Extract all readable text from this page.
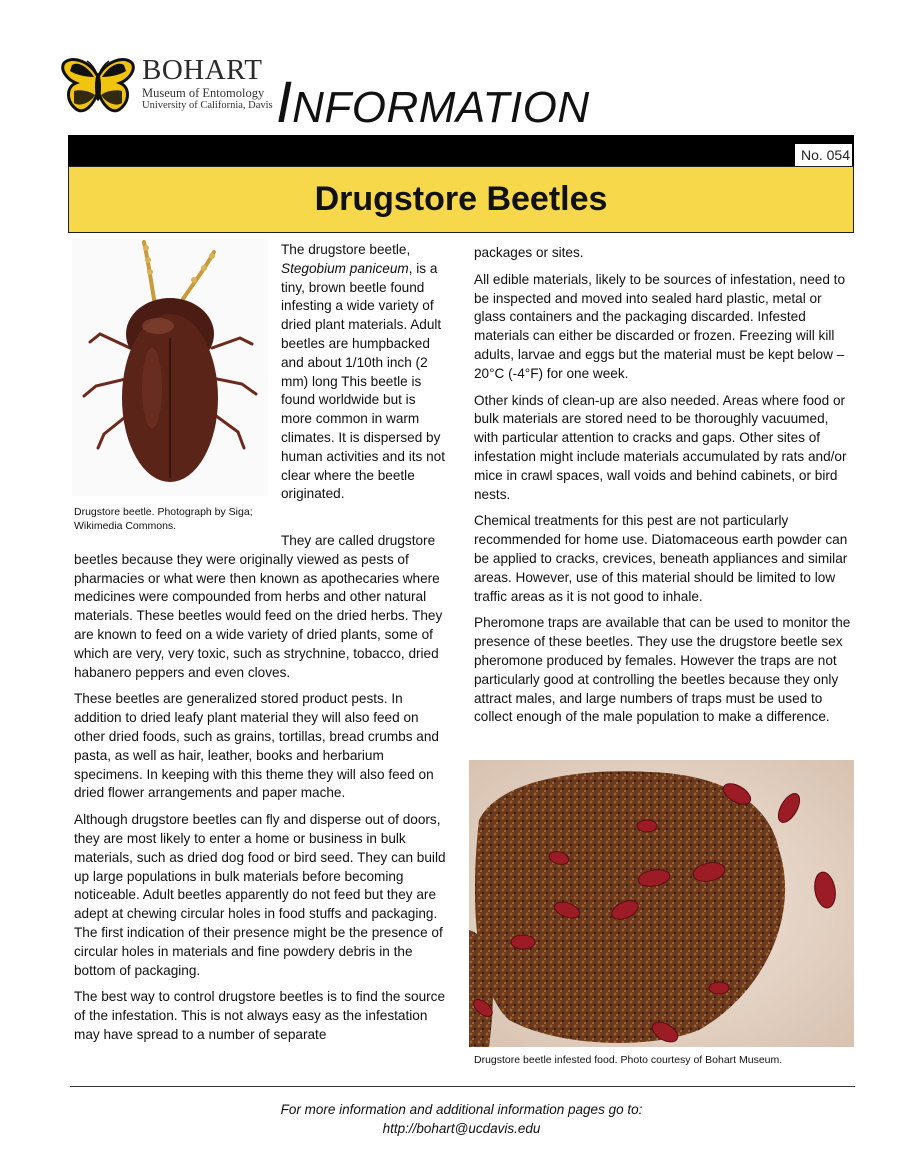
BOHART
Museum of Entomology
University of California, Davis INFORMATION
No. 054
Drugstore Beetles
Drugstore beetle. Photograph by Siga; Wikimedia Commons.

The drugstore beetle, Stegobium paniceum, is a tiny, brown beetle found infesting a wide variety of dried plant materials. Adult beetles are humpbacked and about 1/10th inch (2 mm) long This beetle is found worldwide but is more common in warm climates. It is dispersed by human activities and its not clear where the beetle originated.

They are called drugstore beetles because they were originally viewed as pests of pharmacies or what were then known as apothecaries where medicines were compounded from herbs and other natural materials. These beetles would feed on the dried herbs. They are known to feed on a wide variety of dried plants, some of which are very, very toxic, such as strychnine, tobacco, dried habanero peppers and even cloves.

These beetles are generalized stored product pests. In addition to dried leafy plant material they will also feed on other dried foods, such as grains, tortillas, bread crumbs and pasta, as well as hair, leather, books and herbarium specimens. In keeping with this theme they will also feed on dried flower arrangements and paper mache.

Although drugstore beetles can fly and disperse out of doors, they are most likely to enter a home or business in bulk materials, such as dried dog food or bird seed. They can build up large populations in bulk materials before becoming noticeable. Adult beetles apparently do not feed but they are adept at chewing circular holes in food stuffs and packaging. The first indication of their presence might be the presence of circular holes in materials and fine powdery debris in the bottom of packaging.

The best way to control drugstore beetles is to find the source of the infestation. This is not always easy as the infestation may have spread to a number of separate

packages or sites.

All edible materials, likely to be sources of infestation, need to be inspected and moved into sealed hard plastic, metal or glass containers and the packaging discarded. Infested materials can either be discarded or frozen. Freezing will kill adults, larvae and eggs but the material must be kept below –20°C (-4°F) for one week.

Other kinds of clean-up are also needed. Areas where food or bulk materials are stored need to be thoroughly vacuumed, with particular attention to cracks and gaps. Other sites of infestation might include materials accumulated by rats and/or mice in crawl spaces, wall voids and behind cabinets, or bird nests.

Chemical treatments for this pest are not particularly recommended for home use. Diatomaceous earth powder can be applied to cracks, crevices, beneath appliances and similar areas. However, use of this material should be limited to low traffic areas as it is not good to inhale.

Pheromone traps are available that can be used to monitor the presence of these beetles. They use the drugstore beetle sex pheromone produced by females. However the traps are not particularly good at controlling the beetles because they only attract males, and large numbers of traps must be used to collect enough of the male population to make a difference.

Drugstore beetle infested food. Photo courtesy of Bohart Museum.
For more information and additional information pages go to:
http://bohart@ucdavis.edu
